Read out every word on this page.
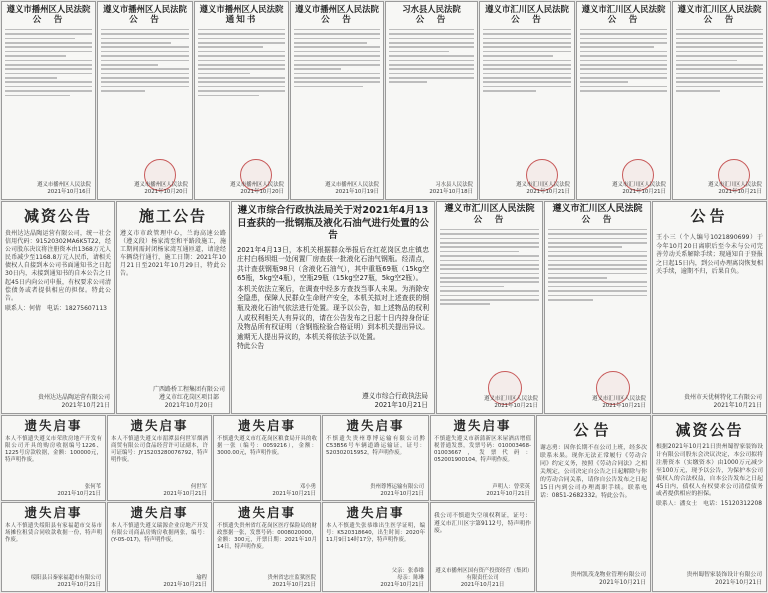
遵义市播州区人民法院
公　告
遵义市播州区人民法院
2021年10月16日
遵义市播州区人民法院
公　告
遵义市播州区人民法院
2021年10月20日
遵义市播州区人民法院
通知书
遵义市播州区人民法院
2021年10月20日
遵义市播州区人民法院
公　告
遵义市播州区人民法院
2021年10月19日
习水县人民法院
公　告
习水县人民法院
2021年10月18日
遵义市汇川区人民法院
公　告
遵义市汇川区人民法院
2021年10月21日
遵义市汇川区人民法院
公　告
遵义市汇川区人民法院
2021年10月21日
遵义市汇川区人民法院
公　告
遵义市汇川区人民法院
2021年10月21日
减资公告
贵州达达晶陶运营有限公司，统一社会信用代码：91520302MA6K5T22，经公司股东决议将注册资本由1368万元人民币减少至1168.8万元人民币，请相关债权人自接到本公司书面通知书之日起30日内，未接到通知书的自本公告之日起45日内向公司申报，有权要求公司清偿债务或者提供相应的担保。特此公告。
联系人：何倩　电话：18275607113
贵州达达晶陶运营有限公司
2021年10月21日
施工公告
遵义市市政管理中心，兰海高速公路（遵义段）杨家湾至和平路段施工，施工期间需封闭杨家湾互通匝道，请途经车辆绕行通行，施工日期：2021年10月21日至2021年10月29日，特此公告。
广西路桥工程集团有限公司
遵义市红花岗区项目部
2021年10月20日
遵义市综合行政执法局关于对2021年4月13日查获的一批钢瓶及液化石油气进行处置的公告
2021年4月13日，本机关根据群众举报后在红花岗区忠庄镇忠庄村白杨坝组一处闲置厂房查获一批液化石油气钢瓶。经清点，共计查获钢瓶98只（含液化石油气），其中重瓶69瓶（15kg空65瓶，5kg空4瓶），空瓶29瓶（15kg空27瓶，5kg空2瓶）。
本机关依法立案后，在调查中经多方查找当事人未果。为消除安全隐患，保障人民群众生命财产安全，本机关拟对上述查获的钢瓶及液化石油气依法进行处置。现予以公告，如上述物品的权利人或权利相关人有异议的，请在公告发布之日起十日内持身份证及物品所有权证明（含钢瓶检验合格证明）到本机关提出异议。逾期无人提出异议的，本机关将依法予以处置。
特此公告
遵义市综合行政执法局
2021年10月21日
遵义市汇川区人民法院
公　告
遵义市汇川区人民法院
2021年10月21日
遵义市汇川区人民法院
公　告
遵义市汇川区人民法院
2021年10月21日
公告
王小三（个人编号10218906​99）于今年10月20日离职后至今未与公司完善劳动关系解除手续；现通知自于登报之日起15日内，到公司办理离岗恢复相关手续，逾期不归，后果自负。
贵州市天优树特化工有限公司
2021年10月21日
遗失启事
本人不慎遗失遵义市荣欣房地产开发有限公司开具的购房收据编号1226、1225号房款收据，金额：100000元，特声明作废。
张何苇
2021年10月21日
遗失启事
本人不慎遗失遵义市湄潭县何世军烟酒商贸有限公司食品经营许可证副本，许可证编号：JY15203280076792，特声明作废。
何世军
2021年10月21日
遗失启事
不慎遗失遵义市红花岗区粮食局开具的收据一张（编号：0059216），金额：3000.00元，特声明作废。
邓小勇
2021年10月21日
遗失启事
不慎遗失贵州尊博运输有限公司黔C53B56号车辆道路运输证，证号：520302015952，特声明作废。
贵州尊博运输有限公司
2021年10月21日
遗失启事
不慎遗失遵义市新蒲新区米屋酒店增值税普通发票，发票号码：010003468-01003667，发票代码：052001900104，特声明作废。
声明人：曾荣英
2021年10月21日
遗失启事
本人不慎遗失绥阳县有家福超市交易市场摊位租赁合同收款收据一份，特声明作废。
绥阳县吕秦家福超市有限公司
2021年10月21日
遗失启事
本人不慎遗失遵义瑞源企业房地产开发有限公司商品房购房收据两张，编号：(Y-05-017)，特声明作废。
瑜程
2021年10月21日
遗失启事
不慎遗失贵州省红花岗区医疗保险局的财政票据一张，发票号码：0008020000，金额：300元，开票日期：2021年10月14日，特声明作废。
贵州省忠庄监狱医院
2021年10月21日
遗失启事
本人不慎遗失张恭维出生医学证明，编号：K520318640，出生时间：2020年11月9日14时17分，特声明作废。
父亲：张恭维
母亲：陈琳
2021年10月21日
我公司不慎遗失空项权利证，证号：遵义市汇川区字第9112号，特声明作废。
遵义市播州区国有资产投资经营（集团）有限责任公司
2021年10月21日
公告
谢志勇：因你长期不在公司上班，经多次联系未果。现你无法正常履行《劳动合同》约定义务，按照《劳动合同法》之相关规定，公司决定自公告之日起解除与你的劳动合同关系，请你自公告发布之日起15日内到公司办理离职手续。联系电话：0851-2682332。特此公告。
贵州凯茂龙物业管理有限公司
2021年10月21日
减资公告
根据2021年10月21日贵州蜀智家装饰设计有限公司股东会决议决定，本公司拟将注册资本（实缴资本）由1000万元减少至100万元，现予以公告，为保护本公司债权人的合法权益，自本公告发布之日起45日内，债权人有权要求公司清偿债务或者提供相应的担保。
联系人：潘女士　电话：15120312208
贵州蜀智家装饰设计有限公司
2021年10月21日
